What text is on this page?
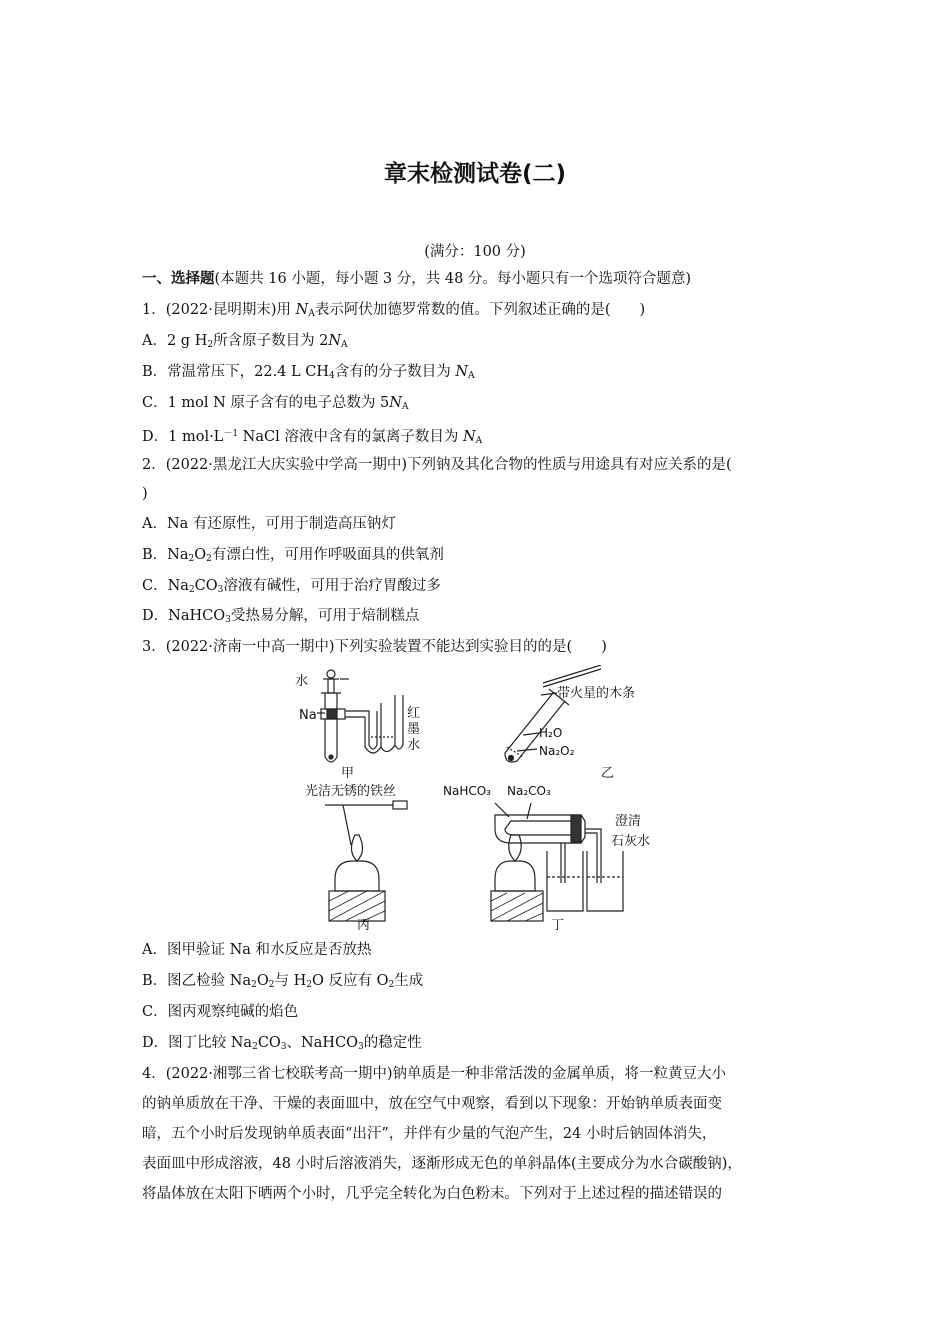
章末检测试卷(二)
(满分：100 分)
一、选择题(本题共 16 小题，每小题 3 分，共 48 分。每小题只有一个选项符合题意)
1．(2022·昆明期末)用 $N_A$表示阿伏加德罗常数的值。下列叙述正确的是(　　)
A．2 g $H_2$所含原子数目为 $2N_A$
B．常温常压下，22.4 L $CH_4$含有的分子数目为 $N_A$
C．1 mol N 原子含有的电子总数为 $5N_A$
D．1 $mol\cdot L^{-1}$ NaCl 溶液中含有的氯离子数目为 $N_A$
2．(2022·黑龙江大庆实验中学高一期中)下列钠及其化合物的性质与用途具有对应关系的是(
)
A．Na 有还原性，可用于制造高压钠灯
B．$Na_2O_2$有漂白性，可用作呼吸面具的供氧剂
C．$Na_2CO_3$溶液有碱性，可用于治疗胃酸过多
D．NaHCO$_3$受热易分解，可用于焙制糕点
3．(2022·济南一中高一期中)下列实验装置不能达到实验目的的是(　　)
水
Na	红
墨
水
甲
带火星的木条
H₂O
Na₂O₂
乙
光洁无锈的铁丝
丙
NaHCO₃ Na₂CO₃
澄清
石灰水
丁
A．图甲验证 Na 和水反应是否放热
B．图乙检验 $Na_2O_2$与 $H_2O$ 反应有 $O_2$生成
C．图丙观察纯碱的焰色
D．图丁比较 $Na_2CO_3$、NaHCO$_3$的稳定性
4．(2022·湘鄂三省七校联考高一期中)钠单质是一种非常活泼的金属单质，将一粒黄豆大小
的钠单质放在干净、干燥的表面皿中，放在空气中观察，看到以下现象：开始钠单质表面变
暗，五个小时后发现钠单质表面“出汗”，并伴有少量的气泡产生，24 小时后钠固体消失，
表面皿中形成溶液，48 小时后溶液消失，逐渐形成无色的单斜晶体(主要成分为水合碳酸钠)，
将晶体放在太阳下晒两个小时，几乎完全转化为白色粉末。下列对于上述过程的描述错误的
